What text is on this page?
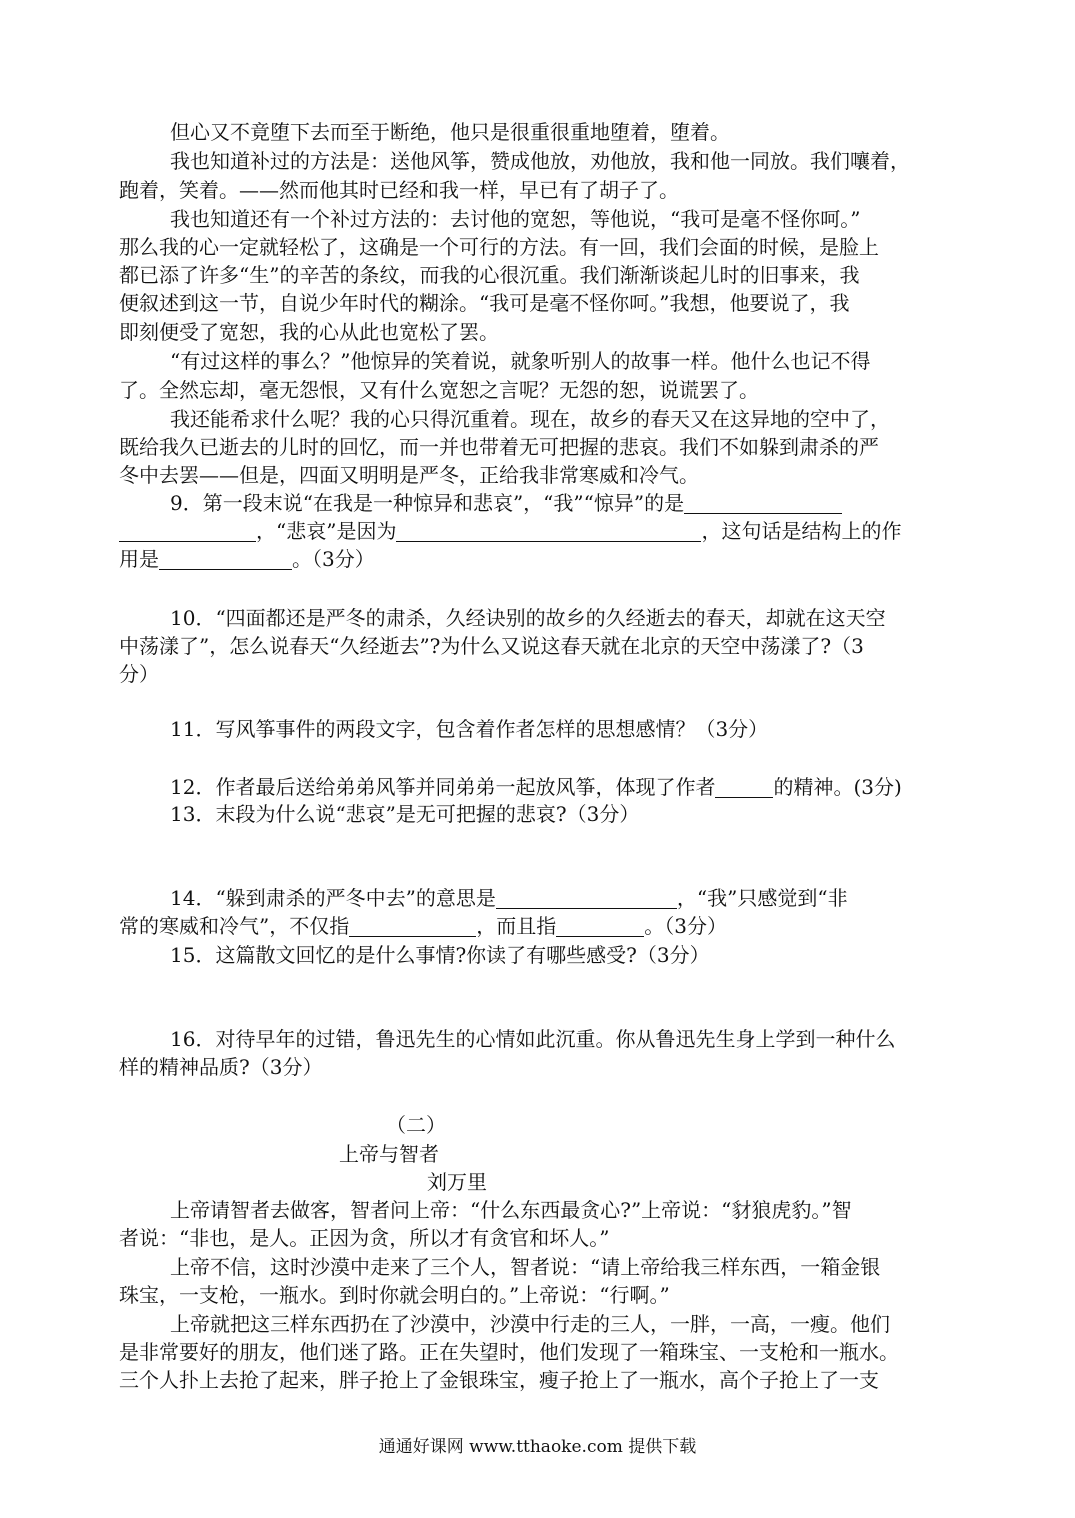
但心又不竟堕下去而至于断绝，他只是很重很重地堕着，堕着。
我也知道补过的方法是：送他风筝，赞成他放，劝他放，我和他一同放。我们嚷着，
跑着，笑着。——然而他其时已经和我一样，早已有了胡子了。
我也知道还有一个补过方法的：去讨他的宽恕，等他说，“我可是毫不怪你呵。”
那么我的心一定就轻松了，这确是一个可行的方法。有一回，我们会面的时候，是脸上
都已添了许多“生”的辛苦的条纹，而我的心很沉重。我们渐渐谈起儿时的旧事来，我
便叙述到这一节，自说少年时代的糊涂。“我可是毫不怪你呵。”我想，他要说了，我
即刻便受了宽恕，我的心从此也宽松了罢。
“有过这样的事么？”他惊异的笑着说，就象听别人的故事一样。他什么也记不得
了。全然忘却，毫无怨恨，又有什么宽恕之言呢？无怨的恕，说谎罢了。
我还能希求什么呢？我的心只得沉重着。现在，故乡的春天又在这异地的空中了，
既给我久已逝去的儿时的回忆，而一并也带着无可把握的悲哀。我们不如躲到肃杀的严
冬中去罢——但是，四面又明明是严冬，正给我非常寒威和冷气。
9．第一段末说“在我是一种惊异和悲哀”，“我”“惊异”的是
，“悲哀”是因为	，这句话是结构上的作
用是	。（3分）
10．“四面都还是严冬的肃杀，久经诀别的故乡的久经逝去的春天，却就在这天空
中荡漾了”，怎么说春天“久经逝去”?为什么又说这春天就在北京的天空中荡漾了?（3
分）
11．写风筝事件的两段文字，包含着作者怎样的思想感情？（3分）
12．作者最后送给弟弟风筝并同弟弟一起放风筝，体现了作者	的精神。(3分)
13．末段为什么说“悲哀”是无可把握的悲哀?（3分）
14．“躲到肃杀的严冬中去”的意思是	，“我”只感觉到“非
常的寒威和冷气”，不仅指	，而且指	。（3分）
15．这篇散文回忆的是什么事情?你读了有哪些感受?（3分）
16．对待早年的过错，鲁迅先生的心情如此沉重。你从鲁迅先生身上学到一种什么
样的精神品质?（3分）
（二）
上帝与智者
刘万里
上帝请智者去做客，智者问上帝：“什么东西最贪心?”上帝说：“豺狼虎豹。”智
者说：“非也，是人。正因为贪，所以才有贪官和坏人。”
上帝不信，这时沙漠中走来了三个人，智者说：“请上帝给我三样东西，一箱金银
珠宝，一支枪，一瓶水。到时你就会明白的。”上帝说：“行啊。”
上帝就把这三样东西扔在了沙漠中，沙漠中行走的三人，一胖，一高，一瘦。他们
是非常要好的朋友，他们迷了路。正在失望时，他们发现了一箱珠宝、一支枪和一瓶水。
三个人扑上去抢了起来，胖子抢上了金银珠宝，瘦子抢上了一瓶水，高个子抢上了一支
通通好课网 www.tthaoke.com 提供下载
